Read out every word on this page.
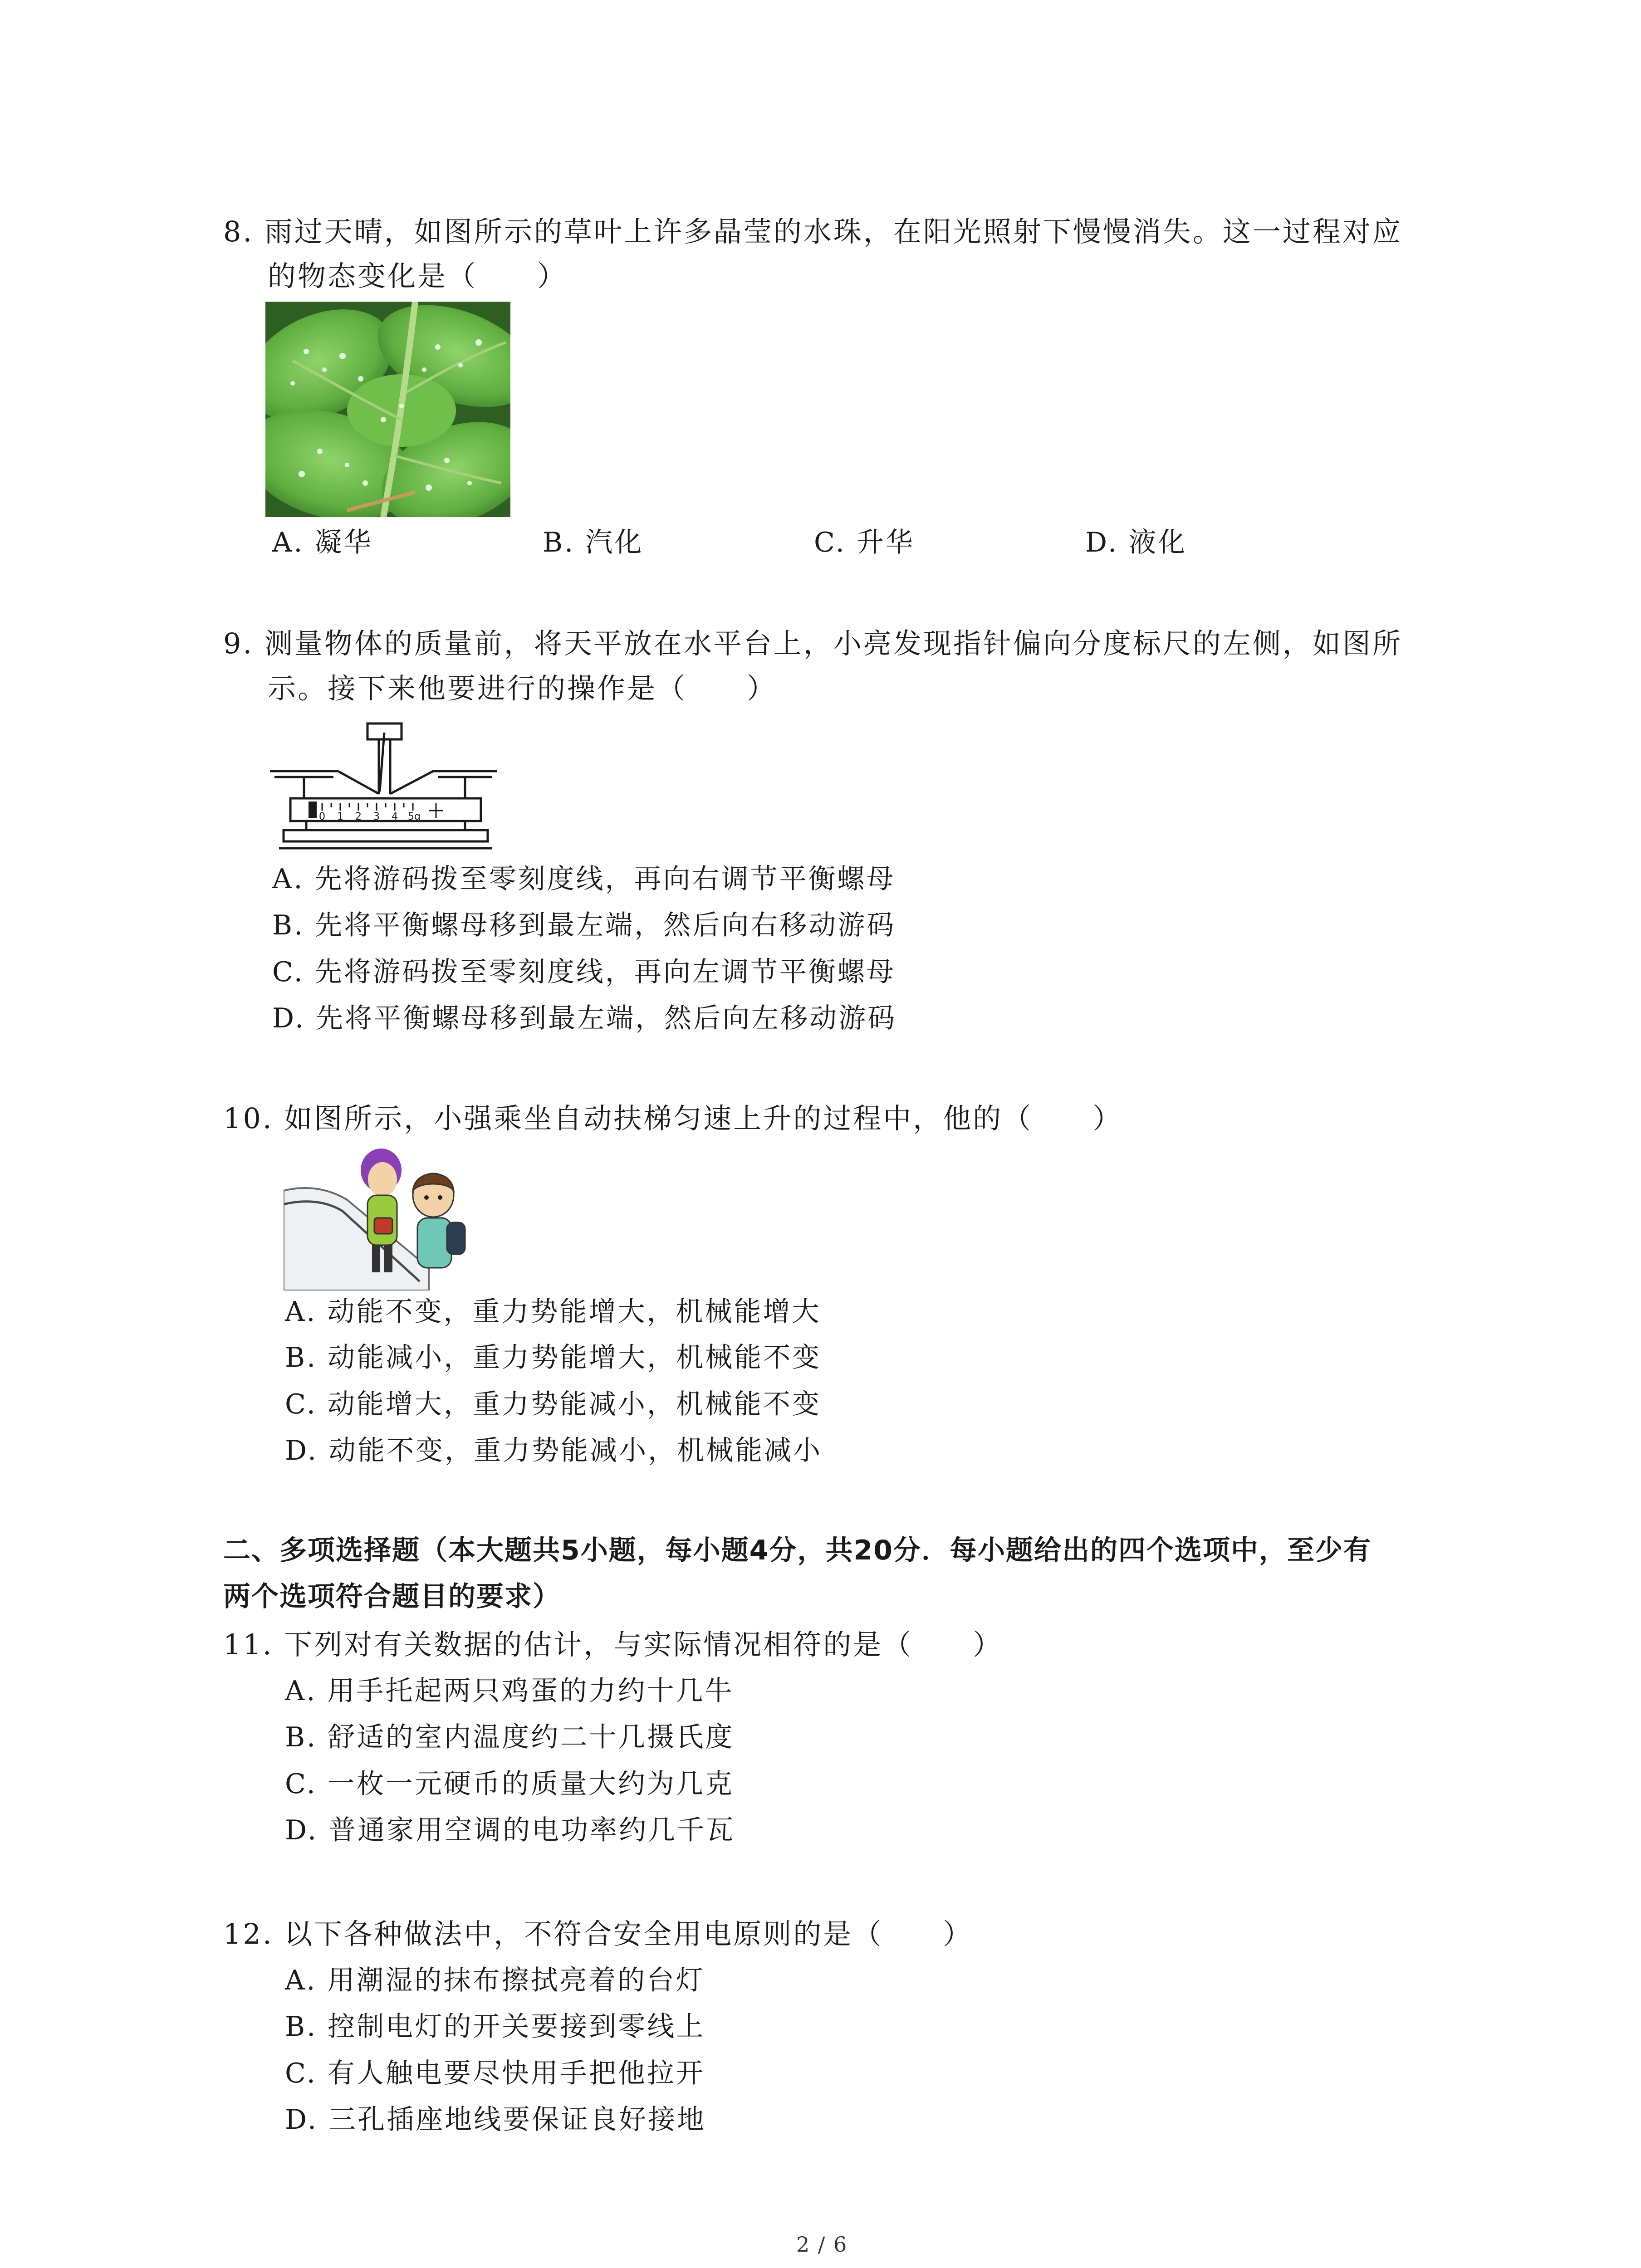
8. 雨过天晴，如图所示的草叶上许多晶莹的水珠，在阳光照射下慢慢消失。这一过程对应
的物态变化是（　　）
A. 凝华	B. 汽化	C. 升华	D. 液化
9. 测量物体的质量前，将天平放在水平台上，小亮发现指针偏向分度标尺的左侧，如图所
示。接下来他要进行的操作是（　　）
0 1 2 3 4 5g
A. 先将游码拨至零刻度线，再向右调节平衡螺母
B. 先将平衡螺母移到最左端，然后向右移动游码
C. 先将游码拨至零刻度线，再向左调节平衡螺母
D. 先将平衡螺母移到最左端，然后向左移动游码
10. 如图所示，小强乘坐自动扶梯匀速上升的过程中，他的（　　）
A. 动能不变，重力势能增大，机械能增大
B. 动能减小，重力势能增大，机械能不变
C. 动能增大，重力势能减小，机械能不变
D. 动能不变，重力势能减小，机械能减小
二、多项选择题（本大题共5小题，每小题4分，共20分．每小题给出的四个选项中，至少有
两个选项符合题目的要求）
11. 下列对有关数据的估计，与实际情况相符的是（　　）
A. 用手托起两只鸡蛋的力约十几牛
B. 舒适的室内温度约二十几摄氏度
C. 一枚一元硬币的质量大约为几克
D. 普通家用空调的电功率约几千瓦
12. 以下各种做法中，不符合安全用电原则的是（　　）
A. 用潮湿的抹布擦拭亮着的台灯
B. 控制电灯的开关要接到零线上
C. 有人触电要尽快用手把他拉开
D. 三孔插座地线要保证良好接地
2 / 6
